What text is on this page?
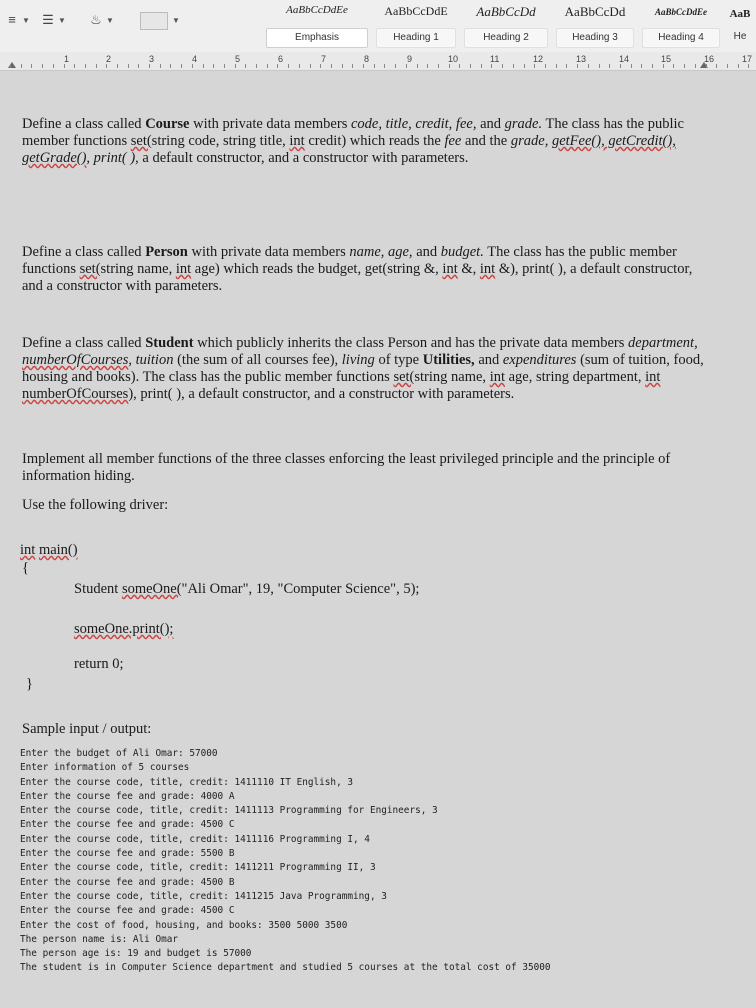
≡ ▼ ☰ ▼ ♨ ▼	▼
AaBbCcDdEe
Emphasis
AaBbCcDdE
Heading 1
AaBbCcDd
Heading 2
AaBbCcDd
Heading 3
AaBbCcDdEe
Heading 4
AaB
He
1	2	3	4	5	6	7	8	9	10	11	12	13	14	15	16	17

Define a class called Course with private data members code, title, credit, fee, and grade. The class has the public member functions set(string code, string title, int credit) which reads the fee and the grade, getFee(), getCredit(), getGrade(), print( ), a default constructor, and a constructor with parameters.

Define a class called Person with private data members name, age, and budget. The class has the public member functions set(string name, int age) which reads the budget, get(string &, int &, int &), print( ), a default constructor, and a constructor with parameters.

Define a class called Student which publicly inherits the class Person and has the private data members department, numberOfCourses, tuition (the sum of all courses fee), living of type Utilities, and expenditures (sum of tuition, food, housing and books). The class has the public member functions set(string name, int age, string department, int numberOfCourses), print( ), a default constructor, and a constructor with parameters.

Implement all member functions of the three classes enforcing the least privileged principle and the principle of information hiding.

Use the following driver:

int main()
{
Student someOne("Ali Omar", 19, "Computer Science", 5);
someOne.print();
return 0;
}

Sample input / output:

Enter the budget of Ali Omar: 57000
Enter information of 5 courses
Enter the course code, title, credit: 1411110 IT English, 3
Enter the course fee and grade: 4000 A
Enter the course code, title, credit: 1411113 Programming for Engineers, 3
Enter the course fee and grade: 4500 C
Enter the course code, title, credit: 1411116 Programming I, 4
Enter the course fee and grade: 5500 B
Enter the course code, title, credit: 1411211 Programming II, 3
Enter the course fee and grade: 4500 B
Enter the course code, title, credit: 1411215 Java Programming, 3
Enter the course fee and grade: 4500 C
Enter the cost of food, housing, and books: 3500 5000 3500
The person name is: Ali Omar
The person age is: 19 and budget is 57000
The student is in Computer Science department and studied 5 courses at the total cost of 35000
